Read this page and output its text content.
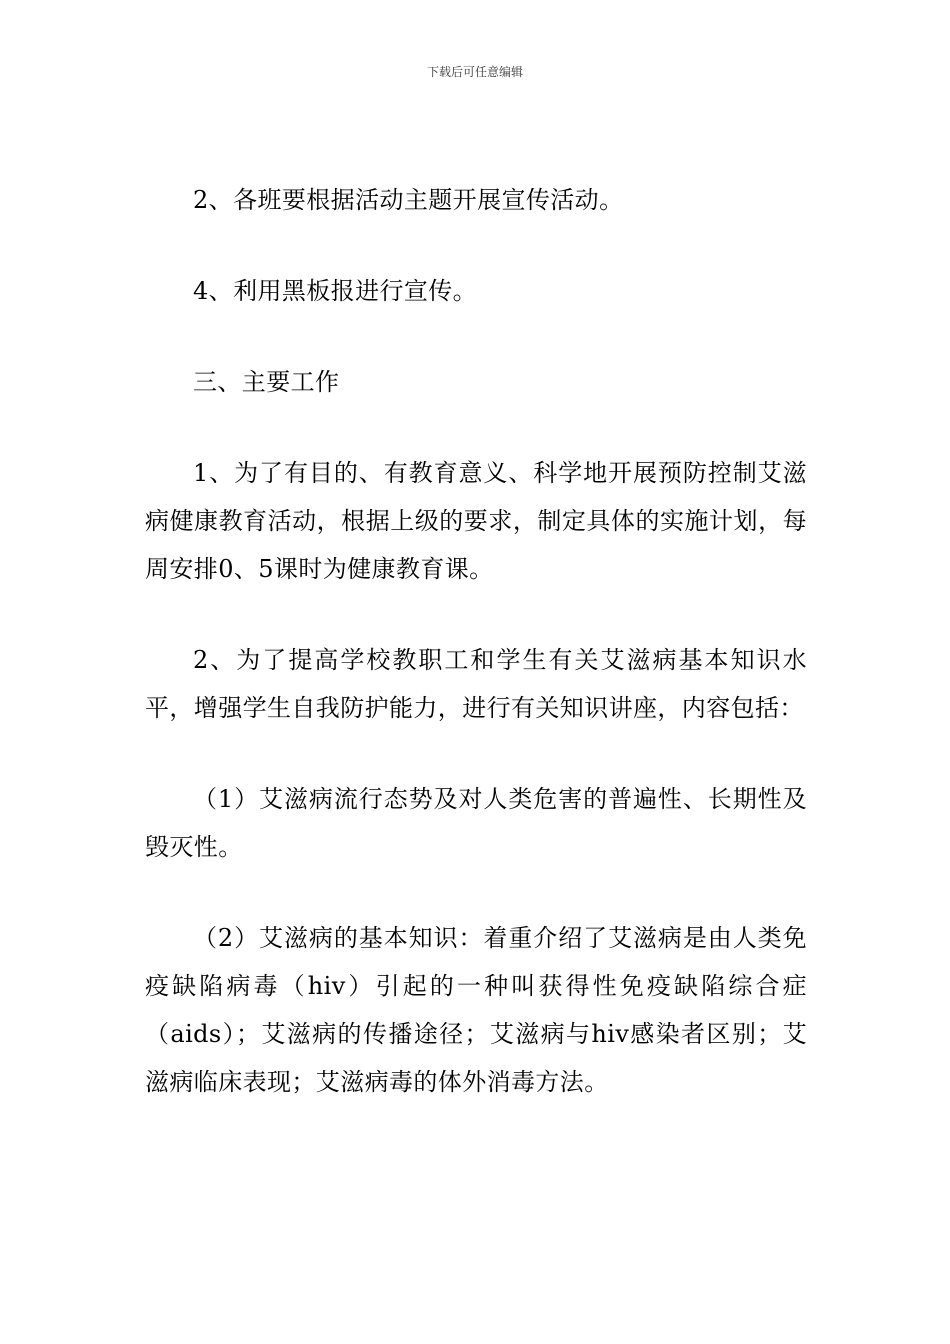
下载后可任意编辑

2、各班要根据活动主题开展宣传活动。

4、利用黑板报进行宣传。

三、主要工作

1、为了有目的、有教育意义、科学地开展预防控制艾滋病健康教育活动，根据上级的要求，制定具体的实施计划，每周安排0、5课时为健康教育课。

2、为了提高学校教职工和学生有关艾滋病基本知识水平，增强学生自我防护能力，进行有关知识讲座，内容包括：

（1）艾滋病流行态势及对人类危害的普遍性、长期性及毁灭性。

（2）艾滋病的基本知识：着重介绍了艾滋病是由人类免疫缺陷病毒（hiv）引起的一种叫获得性免疫缺陷综合症（aids）；艾滋病的传播途径；艾滋病与hiv感染者区别；艾滋病临床表现；艾滋病毒的体外消毒方法。
